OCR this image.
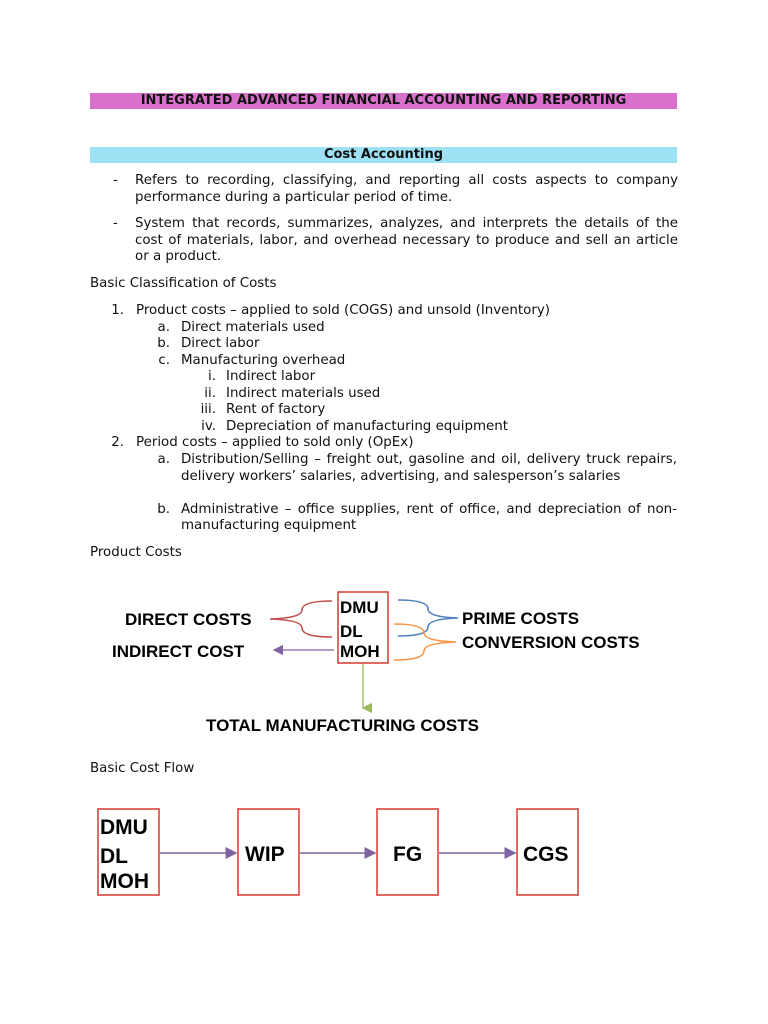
INTEGRATED ADVANCED FINANCIAL ACCOUNTING AND REPORTING
Cost Accounting
- Refers to recording, classifying, and reporting all costs aspects to company performance during a particular period of time.
- System that records, summarizes, analyzes, and interprets the details of the cost of materials, labor, and overhead necessary to produce and sell an article or a product.
Basic Classification of Costs
1. Product costs – applied to sold (COGS) and unsold (Inventory)
a. Direct materials used
b. Direct labor
c. Manufacturing overhead
i. Indirect labor
ii. Indirect materials used
iii. Rent of factory
iv. Depreciation of manufacturing equipment
2. Period costs – applied to sold only (OpEx)
a. Distribution/Selling – freight out, gasoline and oil, delivery truck repairs, delivery workers’ salaries, advertising, and salesperson’s salaries
b. Administrative – office supplies, rent of office, and depreciation of non-manufacturing equipment
Product Costs
DMU
DL
MOH
DIRECT COSTS
INDIRECT COST
PRIME COSTS
CONVERSION COSTS
TOTAL MANUFACTURING COSTS
Basic Cost Flow
DMU
DL
MOH
WIP	FG	CGS
